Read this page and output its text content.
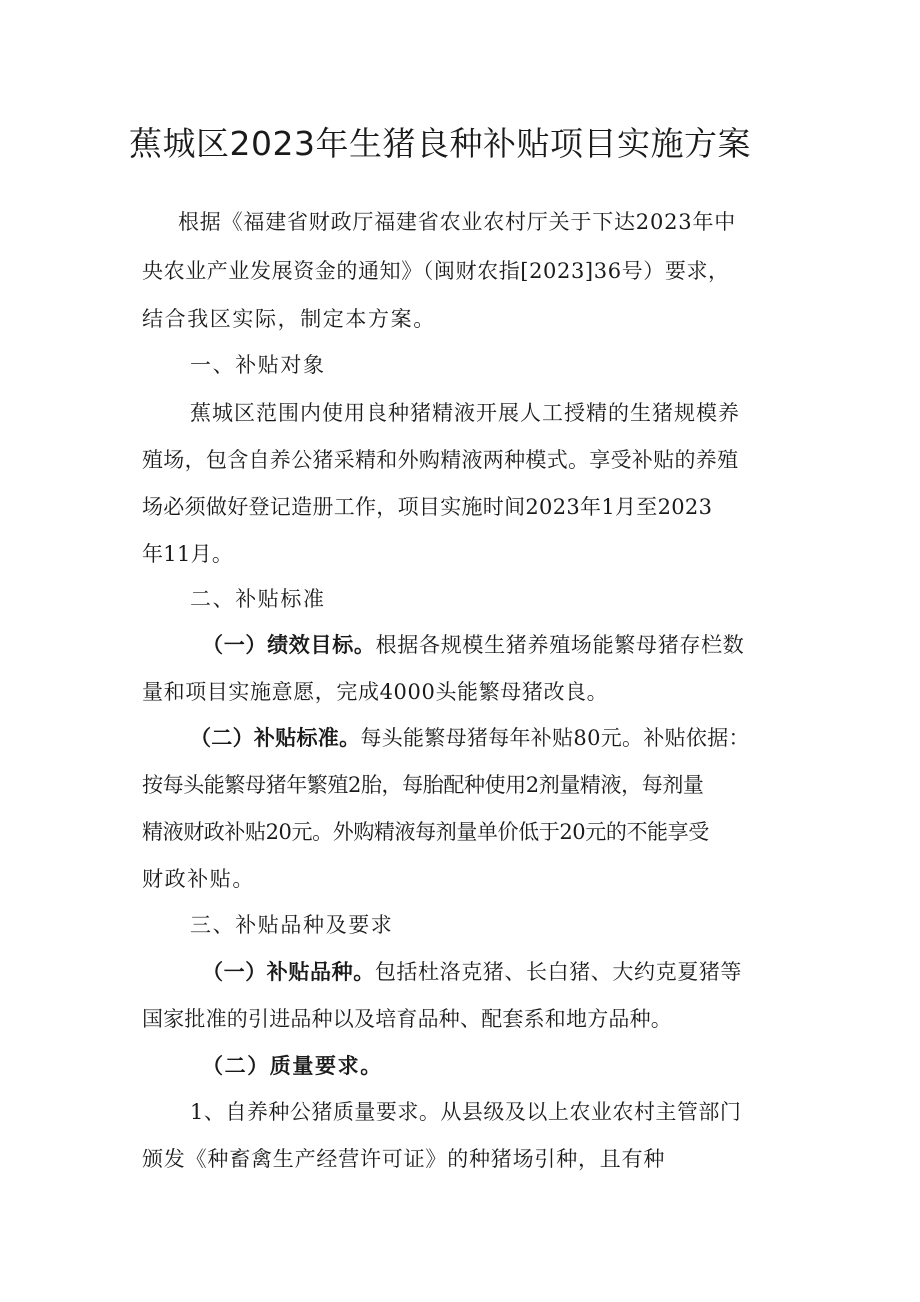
蕉城区2023年生猪良种补贴项目实施方案
根据《福建省财政厅福建省农业农村厅关于下达2023年中
央农业产业发展资金的通知》（闽财农指[2023]36号）要求，
结合我区实际，制定本方案。
一、补贴对象
蕉城区范围内使用良种猪精液开展人工授精的生猪规模养
殖场，包含自养公猪采精和外购精液两种模式。享受补贴的养殖
场必须做好登记造册工作，项目实施时间2023年1月至2023
年11月。
二、补贴标准
（一）绩效目标。根据各规模生猪养殖场能繁母猪存栏数
量和项目实施意愿，完成4000头能繁母猪改良。
（二）补贴标准。每头能繁母猪每年补贴80元。补贴依据：
按每头能繁母猪年繁殖2胎，每胎配种使用2剂量精液，每剂量
精液财政补贴20元。外购精液每剂量单价低于20元的不能享受
财政补贴。
三、补贴品种及要求
（一）补贴品种。包括杜洛克猪、长白猪、大约克夏猪等
国家批准的引进品种以及培育品种、配套系和地方品种。
（二）质量要求。
1、自养种公猪质量要求。从县级及以上农业农村主管部门
颁发《种畜禽生产经营许可证》的种猪场引种，且有种
